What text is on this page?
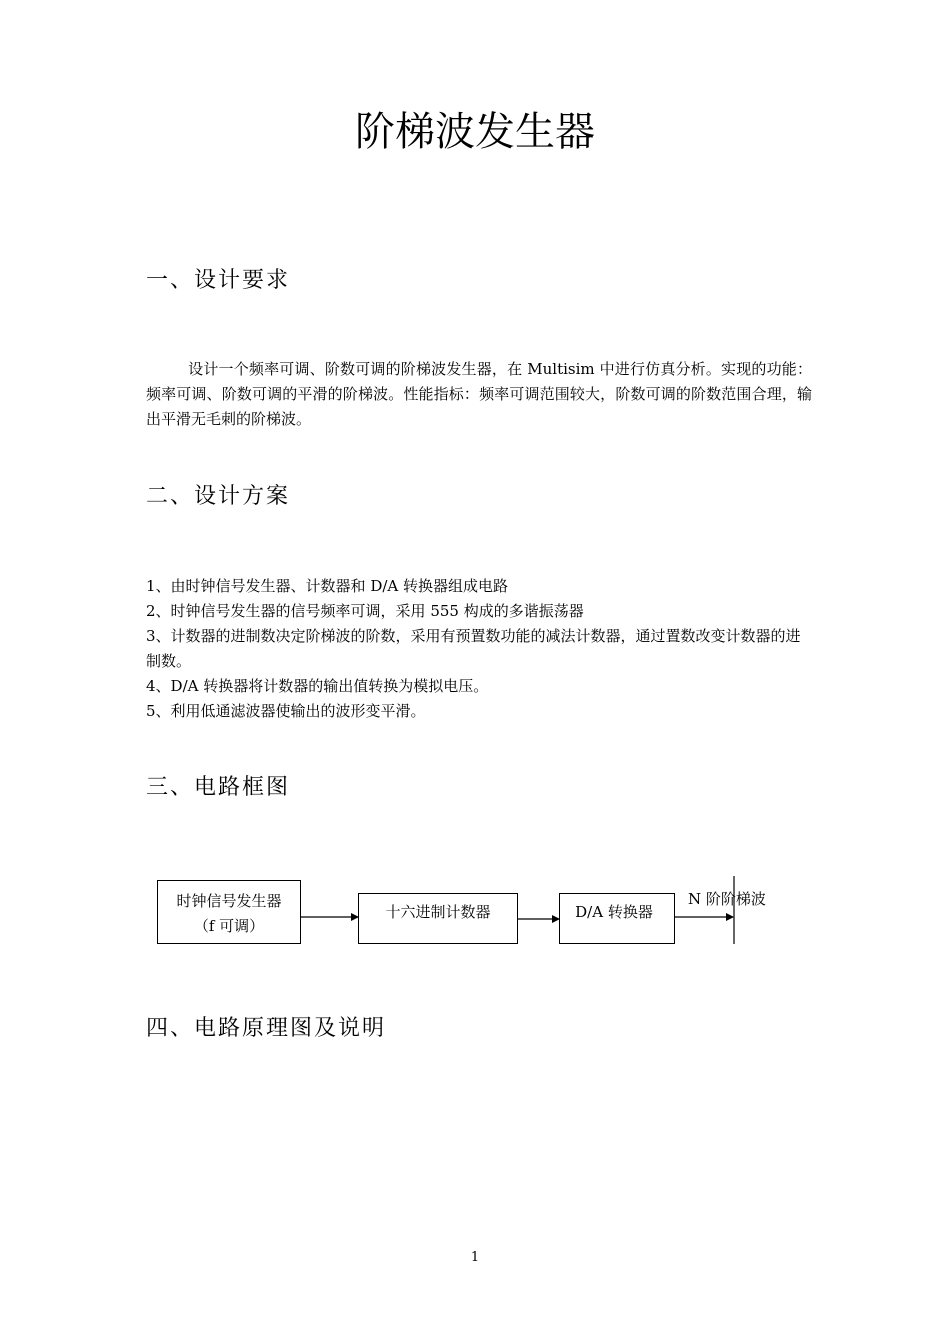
阶梯波发生器
一、设计要求

设计一个频率可调、阶数可调的阶梯波发生器，在 Multisim 中进行仿真分析。实现的功能：频率可调、阶数可调的平滑的阶梯波。性能指标：频率可调范围较大，阶数可调的阶数范围合理，输出平滑无毛刺的阶梯波。

二、设计方案
1、由时钟信号发生器、计数器和 D/A 转换器组成电路
2、时钟信号发生器的信号频率可调，采用 555 构成的多谐振荡器
3、计数器的进制数决定阶梯波的阶数，采用有预置数功能的减法计数器，通过置数改变计数器的进制数。
4、D/A 转换器将计数器的输出值转换为模拟电压。
5、利用低通滤波器使输出的波形变平滑。
三、电路框图
时钟信号发生器
（f 可调）
十六进制计数器	D/A 转换器
N 阶阶梯波
四、电路原理图及说明
1
